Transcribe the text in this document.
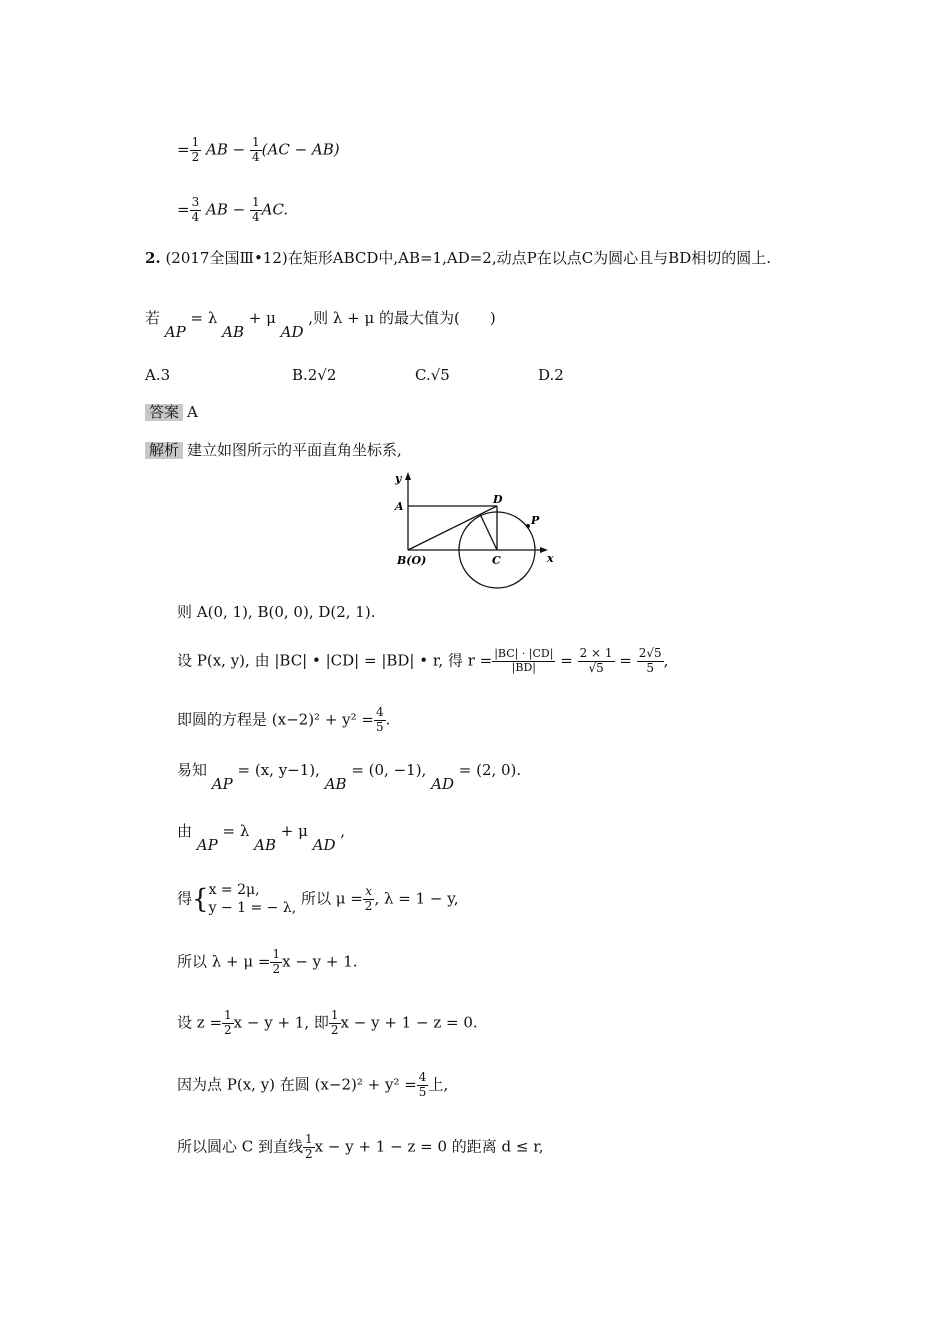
= $\frac{1}{2}$ AB − $\frac{1}{4} (AC - AB)$
= $\frac{3}{4}$ AB − $\frac{1}{4}$ AC.
2. (2017全国Ⅲ•12)在矩形ABCD中,AB=1,AD=2,动点P在以点C为圆心且与BD相切的圆上.
若 AP = λ AB + μ AD ,则 λ + μ 的最大值为(　　)
A.3	B.2√2	C.√5	D.2
答案 A
解析 建立如图所示的平面直角坐标系,
y
x
A
D
P
B(O)	C
则 A(0, 1), B(0, 0), D(2, 1).
设 P(x, y), 由 |BC| • |CD| = |BD| • r, 得 $r = \frac{|BC| \cdot |CD|}{|BD|} = \frac{2 \times 1}{√5} = \frac{2√5}{5}$ ,
即圆的方程是 $(x-2)^2 + y^2 = \frac{4}{5}$ .
易知 AP = (x, y−1), AB = (0, −1), AD = (2, 0).
由 AP = λ AB + μ AD ,
得{ x = 2μ,
y − 1 = − λ, 所以 $\mu = \frac{x}{2}$ , λ = 1 − y,
所以 $\lambda + \mu = \frac{1}{2}$ x − y + 1.
设 $z = \frac{1}{2}$ x − y + 1, 即 $\frac{1}{2}$ x − y + 1 − z = 0.
因为点 P(x, y) 在圆 $(x-2)^2 + y^2 = \frac{4}{5}$ 上,
所以圆心 C 到直线 $\frac{1}{2}$ x − y + 1 − z = 0 的距离 d ≤ r,
